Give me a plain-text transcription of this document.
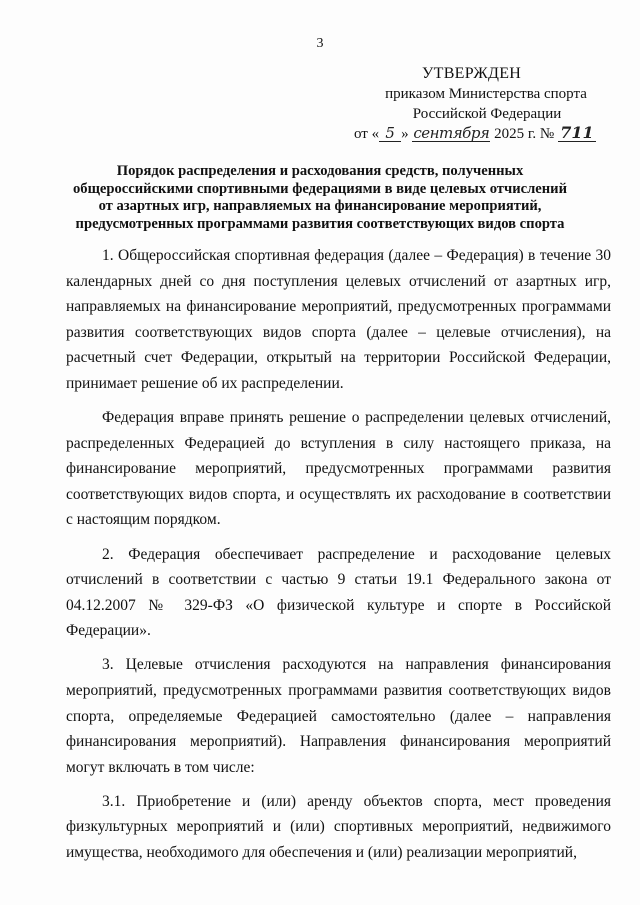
3
УТВЕРЖДЕН
приказом Министерства спорта
Российской Федерации
от « 5 » сентября 2025 г. № 711
Порядок распределения и расходования средств, полученных
общероссийскими спортивными федерациями в виде целевых отчислений
от азартных игр, направляемых на финансирование мероприятий,
предусмотренных программами развития соответствующих видов спорта

1. Общероссийская спортивная федерация (далее – Федерация) в течение 30 календарных дней со дня поступления целевых отчислений от азартных игр, направляемых на финансирование мероприятий, предусмотренных программами развития соответствующих видов спорта (далее – целевые отчисления), на расчетный счет Федерации, открытый на территории Российской Федерации, принимает решение об их распределении.

Федерация вправе принять решение о распределении целевых отчислений, распределенных Федерацией до вступления в силу настоящего приказа, на финансирование мероприятий, предусмотренных программами развития соответствующих видов спорта, и осуществлять их расходование в соответствии с настоящим порядком.

2. Федерация обеспечивает распределение и расходование целевых отчислений в соответствии с частью 9 статьи 19.1 Федерального закона от 04.12.2007 № 329-ФЗ «О физической культуре и спорте в Российской Федерации».

3. Целевые отчисления расходуются на направления финансирования мероприятий, предусмотренных программами развития соответствующих видов спорта, определяемые Федерацией самостоятельно (далее – направления финансирования мероприятий). Направления финансирования мероприятий могут включать в том числе:

3.1. Приобретение и (или) аренду объектов спорта, мест проведения физкультурных мероприятий и (или) спортивных мероприятий, недвижимого имущества, необходимого для обеспечения и (или) реализации мероприятий,
